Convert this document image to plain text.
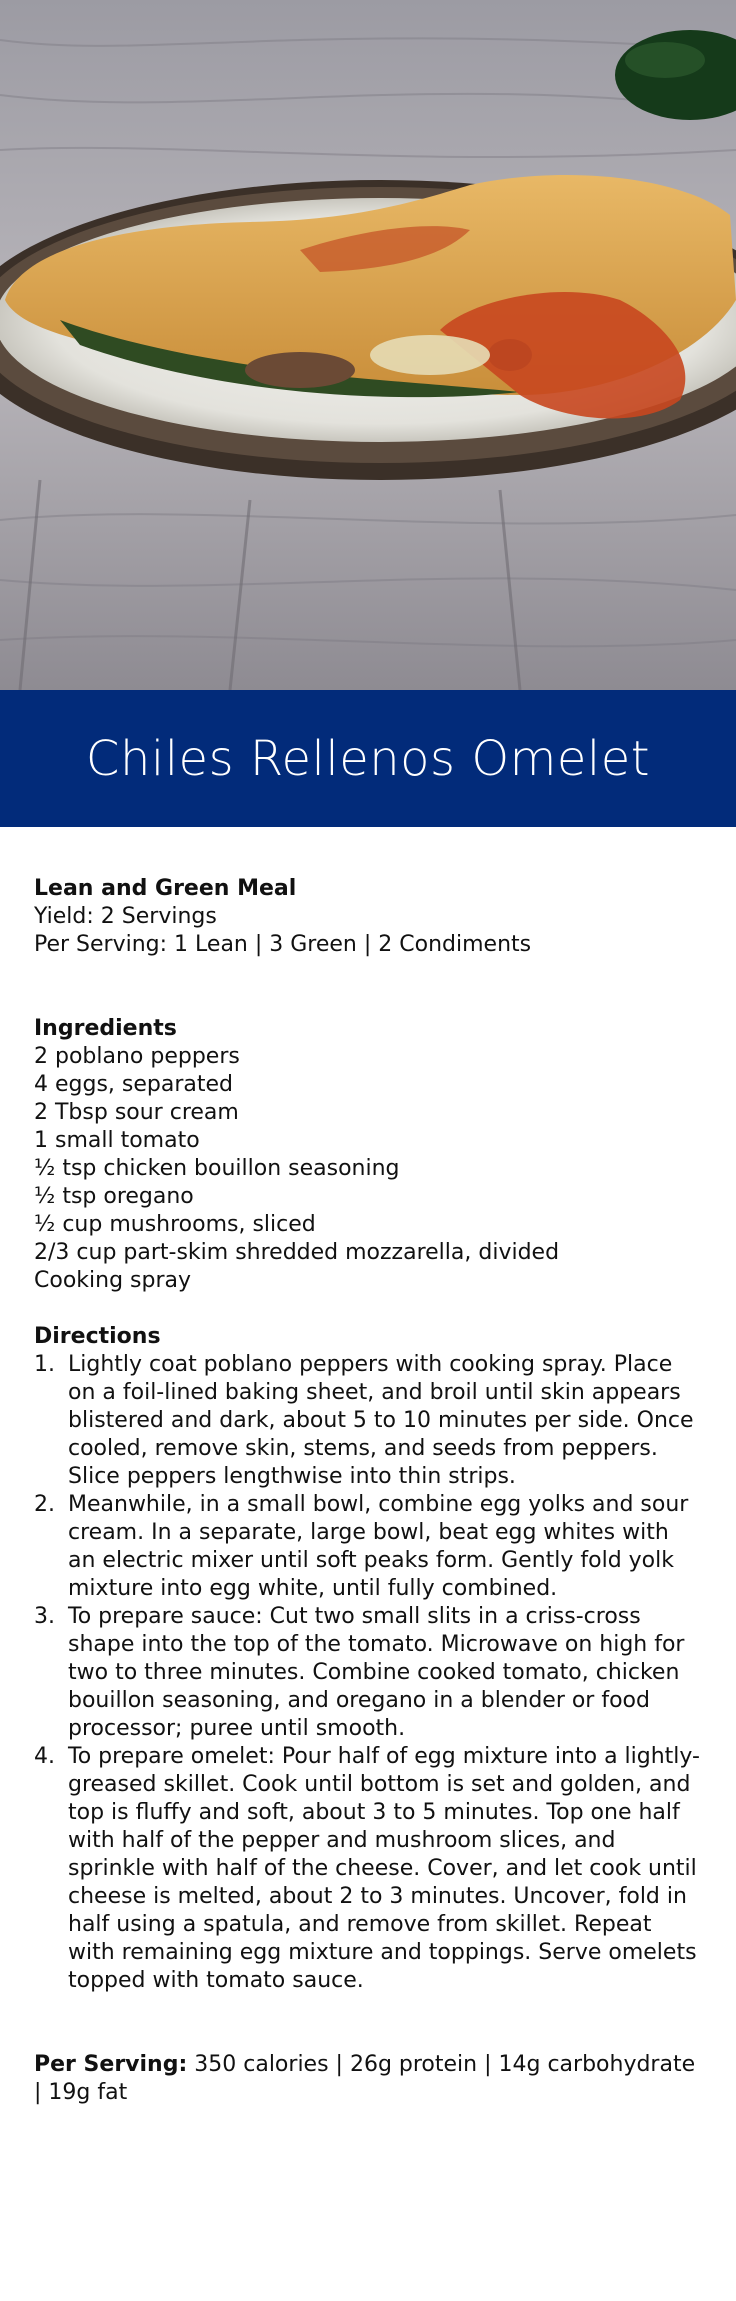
Chiles Rellenos Omelet
Lean and Green Meal
Yield: 2 Servings
Per Serving: 1 Lean | 3 Green | 2 Condiments
Ingredients
2 poblano peppers
4 eggs, separated
2 Tbsp sour cream
1 small tomato
½ tsp chicken bouillon seasoning
½ tsp oregano
½ cup mushrooms, sliced
2/3 cup part-skim shredded mozzarella, divided
Cooking spray
Directions
1. Lightly coat poblano peppers with cooking spray. Place on a foil-lined baking sheet, and broil until skin appears blistered and dark, about 5 to 10 minutes per side. Once cooled, remove skin, stems, and seeds from peppers. Slice peppers lengthwise into thin strips.
2. Meanwhile, in a small bowl, combine egg yolks and sour cream. In a separate, large bowl, beat egg whites with an electric mixer until soft peaks form. Gently fold yolk mixture into egg white, until fully combined.
3. To prepare sauce: Cut two small slits in a criss-cross shape into the top of the tomato. Microwave on high for two to three minutes. Combine cooked tomato, chicken bouillon seasoning, and oregano in a blender or food processor; puree until smooth.
4. To prepare omelet: Pour half of egg mixture into a lightly-greased skillet. Cook until bottom is set and golden, and top is fluffy and soft, about 3 to 5 minutes. Top one half with half of the pepper and mushroom slices, and sprinkle with half of the cheese. Cover, and let cook until cheese is melted, about 2 to 3 minutes. Uncover, fold in half using a spatula, and remove from skillet. Repeat with remaining egg mixture and toppings. Serve omelets topped with tomato sauce.
Per Serving: 350 calories | 26g protein | 14g carbohydrate | 19g fat
